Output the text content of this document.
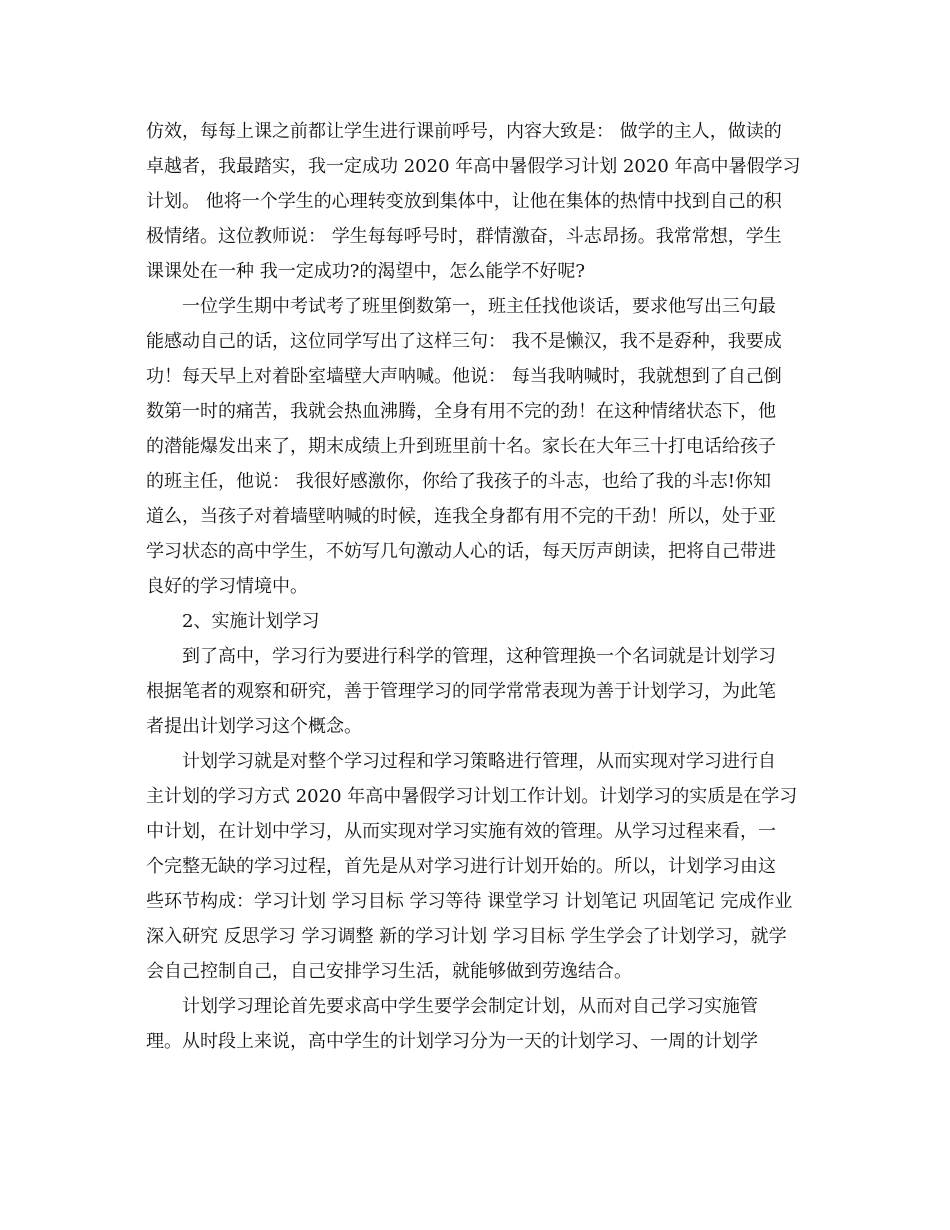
仿效，每每上课之前都让学生进行课前呼号，内容大致是： 做学的主人，做读的
卓越者，我最踏实，我一定成功 2020 年高中暑假学习计划 2020 年高中暑假学习
计划。 他将一个学生的心理转变放到集体中，让他在集体的热情中找到自己的积
极情绪。这位教师说： 学生每每呼号时，群情激奋，斗志昂扬。我常常想，学生
课课处在一种 我一定成功?的渴望中，怎么能学不好呢?
一位学生期中考试考了班里倒数第一，班主任找他谈话，要求他写出三句最
能感动自己的话，这位同学写出了这样三句： 我不是懒汉，我不是孬种，我要成
功！每天早上对着卧室墙壁大声呐喊。他说： 每当我呐喊时，我就想到了自己倒
数第一时的痛苦，我就会热血沸腾，全身有用不完的劲！在这种情绪状态下，他
的潜能爆发出来了，期末成绩上升到班里前十名。家长在大年三十打电话给孩子
的班主任，他说： 我很好感激你，你给了我孩子的斗志，也给了我的斗志!你知
道么，当孩子对着墙壁呐喊的时候，连我全身都有用不完的干劲！所以，处于亚
学习状态的高中学生，不妨写几句激动人心的话，每天厉声朗读，把将自己带进
良好的学习情境中。
2、实施计划学习
到了高中，学习行为要进行科学的管理，这种管理换一个名词就是计划学习
根据笔者的观察和研究，善于管理学习的同学常常表现为善于计划学习，为此笔
者提出计划学习这个概念。
计划学习就是对整个学习过程和学习策略进行管理，从而实现对学习进行自
主计划的学习方式 2020 年高中暑假学习计划工作计划。计划学习的实质是在学习
中计划，在计划中学习，从而实现对学习实施有效的管理。从学习过程来看，一
个完整无缺的学习过程，首先是从对学习进行计划开始的。所以，计划学习由这
些环节构成：学习计划 学习目标 学习等待 课堂学习 计划笔记 巩固笔记 完成作业
深入研究 反思学习 学习调整 新的学习计划 学习目标 学生学会了计划学习，就学
会自己控制自己，自己安排学习生活，就能够做到劳逸结合。
计划学习理论首先要求高中学生要学会制定计划，从而对自己学习实施管
理。从时段上来说，高中学生的计划学习分为一天的计划学习、一周的计划学
